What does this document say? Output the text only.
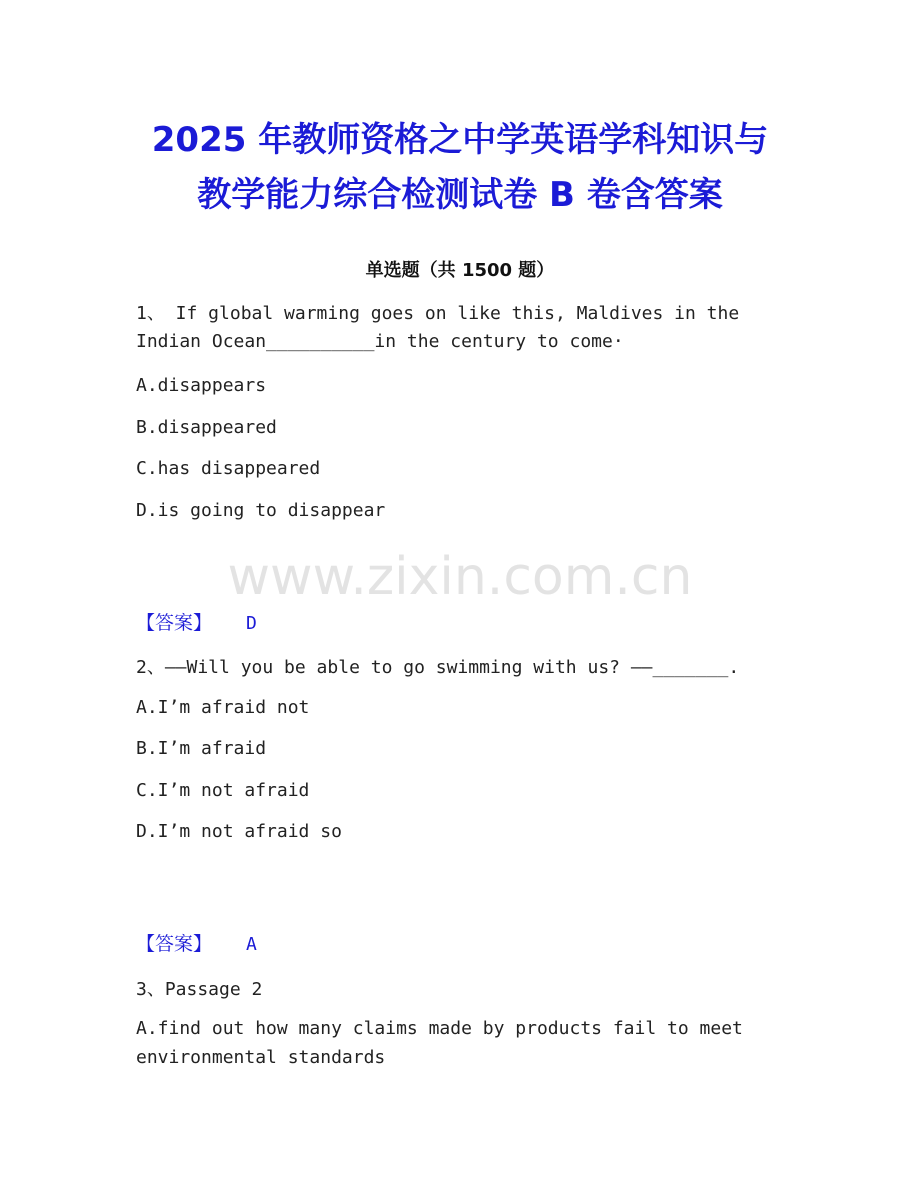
2025 年教师资格之中学英语学科知识与
教学能力综合检测试卷 B 卷含答案
单选题（共 1500 题）
1、 If global warming goes on like this, Maldives in the
Indian Ocean__________in the century to come·
A.disappears
B.disappeared
C.has disappeared
D.is going to disappear
www.zixin.com.cn
【答案】 D
2、——Will you be able to go swimming with us? ——_______.
A.I’m afraid not
B.I’m afraid
C.I’m not afraid
D.I’m not afraid so
【答案】 A
3、Passage 2
A.find out how many claims made by products fail to meet
environmental standards
